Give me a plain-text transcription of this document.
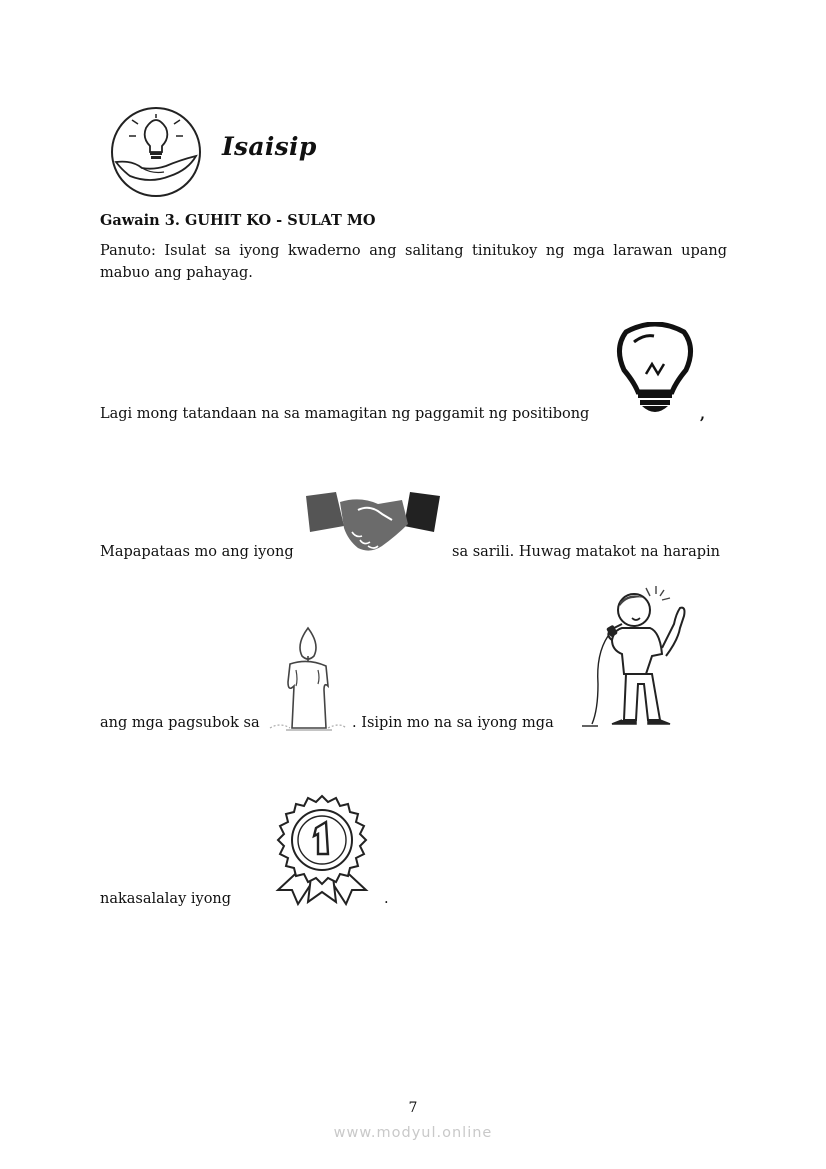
Isaisip
Gawain 3. GUHIT KO - SULAT MO
Panuto: Isulat sa iyong kwaderno ang salitang tinitukoy ng mga larawan upang mabuo ang pahayag.
Lagi mong tatandaan na sa mamagitan ng paggamit ng positibong	,
Mapapataas mo ang iyong	sa sarili. Huwag matakot na harapin
ang mga pagsubok sa	. Isipin mo na sa iyong mga
nakasalalay iyong	.
7
www.modyul.online
